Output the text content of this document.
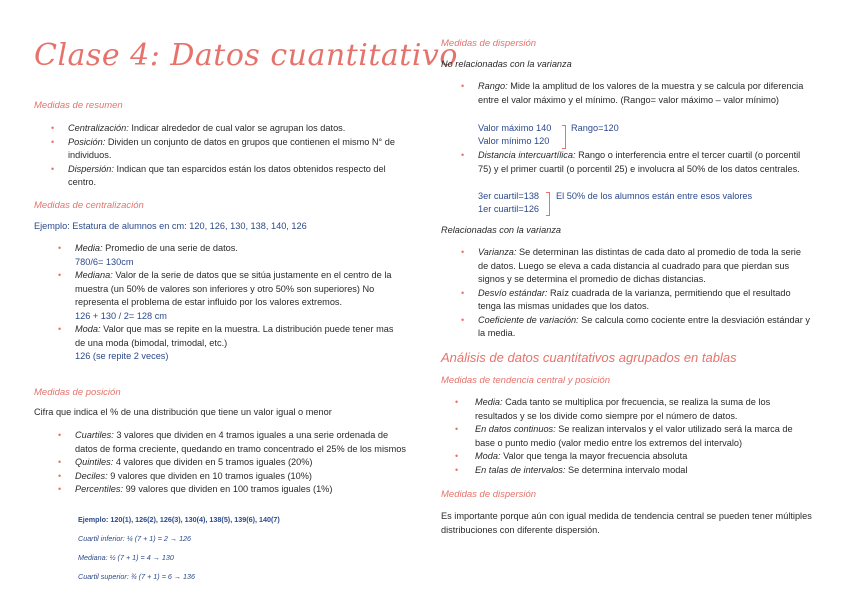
Clase 4: Datos cuantitativo

Medidas de resumen

• Centralización: Indicar alrededor de cual valor se agrupan los datos.
• Posición: Dividen un conjunto de datos en grupos que contienen el mismo N° de individuos.
• Dispersión: Indican que tan esparcidos están los datos obtenidos respecto del centro.

Medidas de centralización

Ejemplo: Estatura de alumnos en cm: 120, 126, 130, 138, 140, 126

• Media: Promedio de una serie de datos.
780/6= 130cm
• Mediana: Valor de la serie de datos que se sitúa justamente en el centro de la muestra (un 50% de valores son inferiores y otro 50% son superiores) No representa el problema de estar influido por los valores extremos.
126 + 130 / 2= 128 cm
• Moda: Valor que mas se repite en la muestra. La distribución puede tener mas de una moda (bimodal, trimodal, etc.)
126 (se repite 2 veces)

Medidas de posición

Cifra que indica el % de una distribución que tiene un valor igual o menor

• Cuartiles: 3 valores que dividen en 4 tramos iguales a una serie ordenada de datos de forma creciente, quedando en tramo concentrado el 25% de los mismos
• Quintiles: 4 valores que dividen en 5 tramos iguales (20%)
• Deciles: 9 valores que dividen en 10 tramos iguales (10%)
• Percentiles: 99 valores que dividen en 100 tramos iguales (1%)

Ejemplo: 120(1), 126(2), 126(3), 130(4), 138(5), 139(6), 140(7)

Cuartil inferior: ¼ (7 + 1) = 2 → 126

Mediana: ½ (7 + 1) = 4 → 130

Cuartil superior: ¾ (7 + 1) = 6 → 136

Medidas de dispersión

No relacionadas con la varianza

• Rango: Mide la amplitud de los valores de la muestra y se calcula por diferencia entre el valor máximo y el mínimo. (Rango= valor máximo – valor mínimo)

Valor máximo 140

Valor mínimo 120

Rango=120

• Distancia intercuartílica: Rango o interferencia entre el tercer cuartil (o porcentil 75) y el primer cuartil (o porcentil 25) e involucra al 50% de los datos centrales.

3er cuartil=138

1er cuartil=126

El 50% de los alumnos están entre esos valores

Relacionadas con la varianza

• Varianza: Se determinan las distintas de cada dato al promedio de toda la serie de datos. Luego se eleva a cada distancia al cuadrado para que pierdan sus signos y se determina el promedio de dichas distancias.
• Desvío estándar: Raíz cuadrada de la varianza, permitiendo que el resultado tenga las mismas unidades que los datos.
• Coeficiente de variación: Se calcula como cociente entre la desviación estándar y la media.

Análisis de datos cuantitativos agrupados en tablas

Medidas de tendencia central y posición

• Media: Cada tanto se multiplica por frecuencia, se realiza la suma de los resultados y se los divide como siempre por el número de datos.
• En datos continuos: Se realizan intervalos y el valor utilizado será la marca de base o punto medio (valor medio entre los extremos del intervalo)
• Moda: Valor que tenga la mayor frecuencia absoluta
• En talas de intervalos: Se determina intervalo modal

Medidas de dispersión

Es importante porque aún con igual medida de tendencia central se pueden tener múltiples distribuciones con diferente dispersión.
